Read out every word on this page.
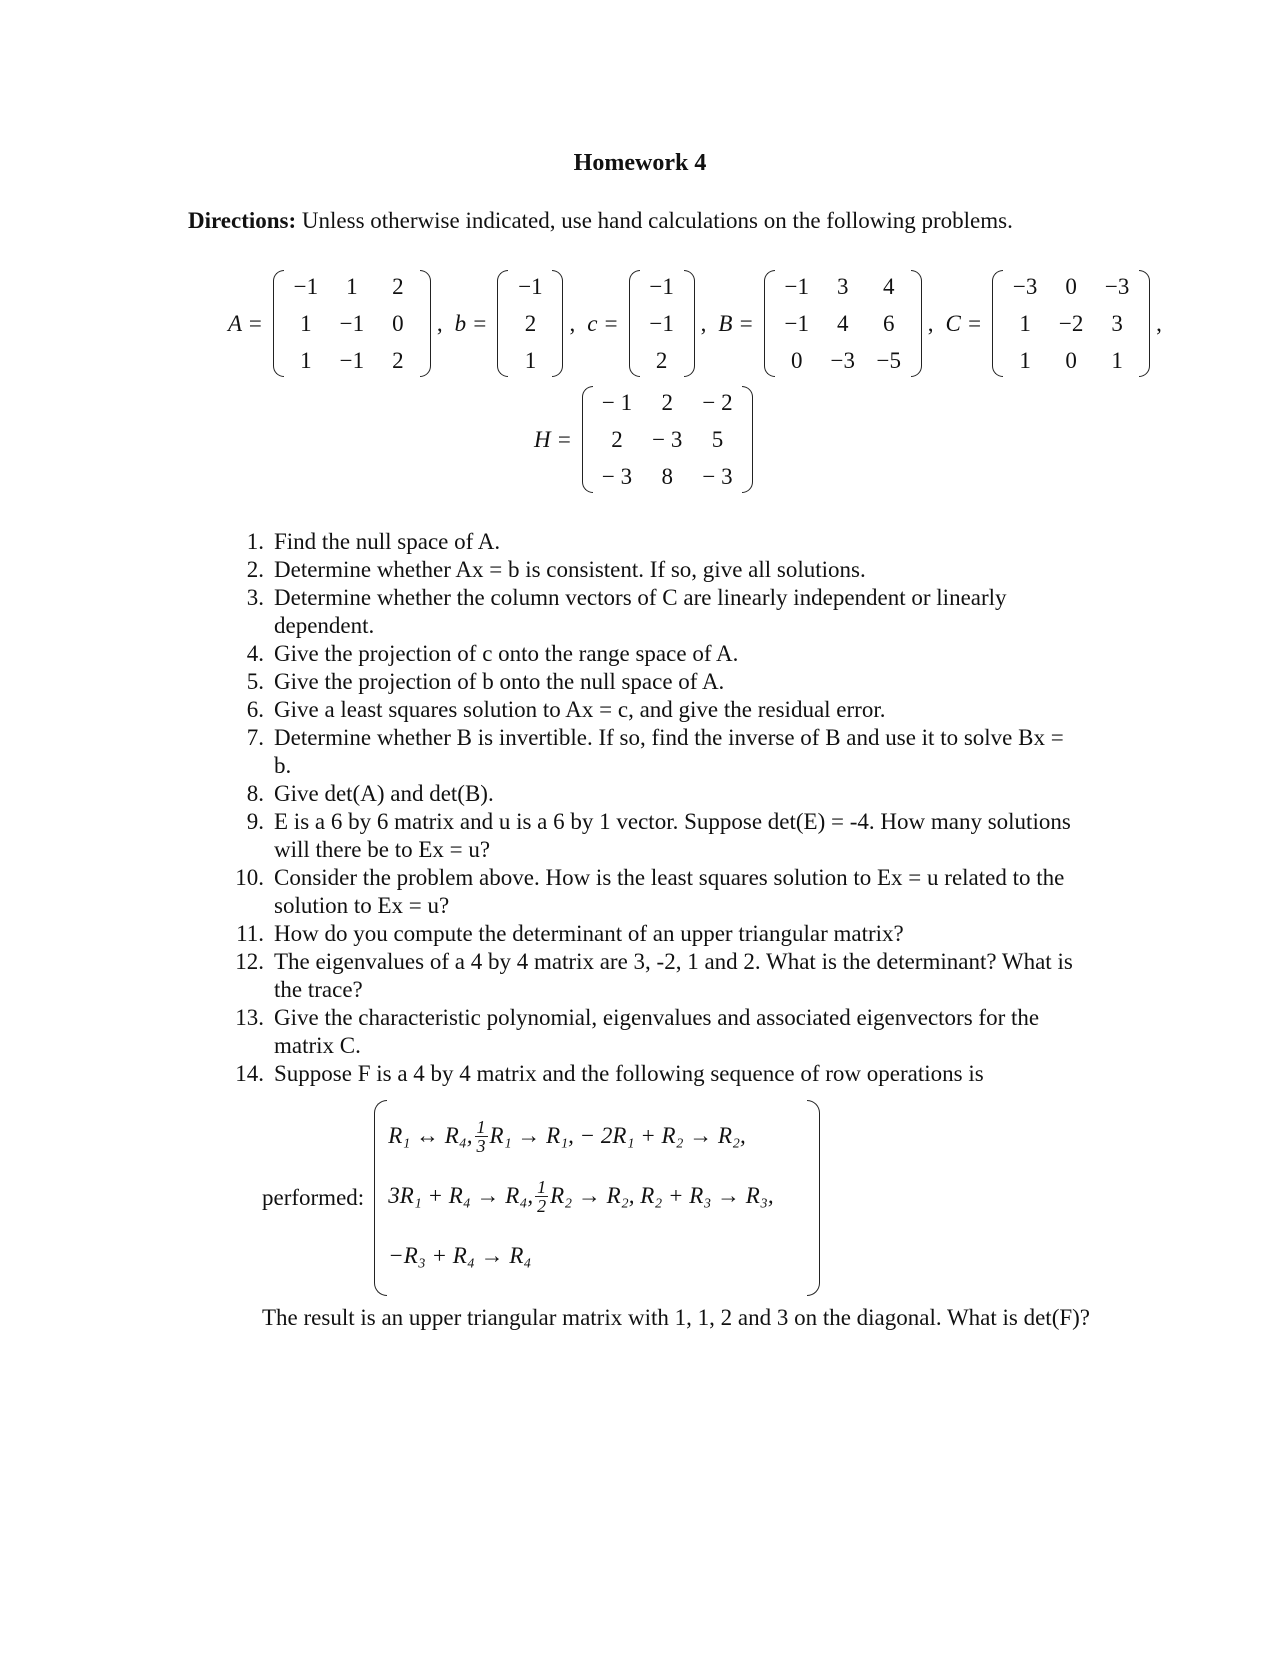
Homework 4
Directions: Unless otherwise indicated, use hand calculations on the following problems.
A =
−1	1	2
1	−1	0
1	−1	2
, b =
−1
2
1
, c =
−1
−1
2
, B =
−1	3	4
−1	4	6
0	−3	−5
, C =
−3	0	−3
1	−2	3
1	0	1
,
H =
− 1	2	− 2
2	− 3	5
− 3	8	− 3
1. Find the null space of A.
2. Determine whether Ax = b is consistent. If so, give all solutions.
3. Determine whether the column vectors of C are linearly independent or linearly dependent.
4. Give the projection of c onto the range space of A.
5. Give the projection of b onto the null space of A.
6. Give a least squares solution to Ax = c, and give the residual error.
7. Determine whether B is invertible. If so, find the inverse of B and use it to solve Bx = b.
8. Give det(A) and det(B).
9. E is a 6 by 6 matrix and u is a 6 by 1 vector. Suppose det(E) = -4. How many solutions will there be to Ex = u?
10. Consider the problem above. How is the least squares solution to Ex = u related to the solution to Ex = u?
11. How do you compute the determinant of an upper triangular matrix?
12. The eigenvalues of a 4 by 4 matrix are 3, -2, 1 and 2. What is the determinant? What is the trace?
13. Give the characteristic polynomial, eigenvalues and associated eigenvectors for the matrix C.
14. Suppose F is a 4 by 4 matrix and the following sequence of row operations is
performed:
R₁ ↔ R₄, $\frac{1}{3} R_1 \to R_1$, − 2R₁ + R₂ → R₂,
3R₁ + R₄ → R₄, $\frac{1}{2} R_2 \to R_2$, R₂ + R₃ → R₃,
−R₃ + R₄ → R₄
The result is an upper triangular matrix with 1, 1, 2 and 3 on the diagonal. What is det(F)?
